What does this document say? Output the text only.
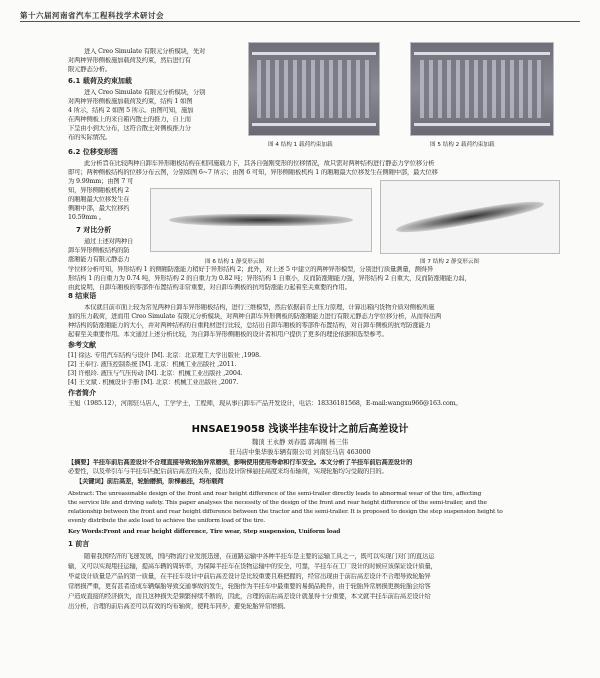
第十六届河南省汽车工程科技学术研讨会
进入 Creo Simulate 有限元分析模块，先对
对两种异形侧板施加载荷及约束，然后进行有
限元静态分析。
6.1 载荷及约束加载
进入 Creo Simulate 有限元分析模块，分别
对两种异形侧板施加载荷及约束，结构 1 如图
4 所示，结构 2 如图 5 所示。由图可知，施加
在两种侧板上的来自箱内散土的推力，自上而
下呈由小到大分布，这符合散土对侧板推力分
布的实际情况。
图 4 结构 1 载荷约束加载	图 5 结构 2 载荷约束加载
6.2 位移变形图
此分析旨在比较两种自卸车异形厢板结构在相同施载力下，其各自强刚变形的位移情况，故只需对两种结构进行静态力学位移分析
即可；两种侧板结构的位移分布云图，分别如图 6~7 所示；由图 6 可知，异形侧厢板机构 1 的厢厢最大位移发生在侧厢中部，最大位移
为 9.99mm；由图 7 可
知，异形侧厢板机构 2
的厢厢最大位移发生在
侧厢中部，最大位移约
10.59mm 。
7 对比分析
通过上述对两种自
卸车异形侧板结构的防
涨厢能力有限元静态力	图 6 结构 1 静变形云图	图 7 结构 2 静变形云图
学位移分析可知，异形结构 1 的侧厢防涨能力稍好于异形结构 2；此外，对上述 5 中建立的两种异形模型，分别进行质量测量，测得异
形结构 1 的自重力为 0.74 吨，异形结构 2 的自重力为 0.82 吨；异形结构 1 自重小，反而防涨厢能力强，异形结构 2 自重大，反而防涨厢能力弱，
由此说明，自卸车厢板的零部件布置结构非常重要，对自卸车侧板的抗弯防涨能力起着至关重要的作用。
8 结束语
本仅就目前市面上较为常见两种自卸车异形厢板结构，进行三维模型，然后依据前肯土压力原理，计算出箱内货物介质对侧板所施
加的压力载荷，进而用 Creo Simulate 有限元分析模块，对两种自卸车异形侧板的防涨厢能力进行有限元静态力学位移分析，从而得出两
种结构的防涨厢能力的大小，并对两种结构的自重耗材进行比较，总结出自卸车厢板的零部件布置结构，对自卸车侧板的抗弯防涨能力
起着至关重要作用。本文通过上述分析比较，为自卸车异形侧厢板的设计者和用户提供了更多的理论依据和选型参考。
参考文献
[1] 徐达. 专用汽车结构与设计 [M]. 北京：北京理工大学出版社 ,1998.
[2] 王奉行. 液压控制系统 [M]. 北京：机械工业出版社 ,2011.
[3] 许根玲. 液压与气压传动 [M]. 北京：机械工业出版社 ,2004.
[4] 王文斌 . 机械设计手册 [M]. 北京：机械工业出版社 ,2007.
作者简介
王旭（1985.12），河南驻马店人，工学学士，工程师，现从事自卸车产品开发设计，电话：18336181568，E-mail:wangxu966@163.com。
HNSAE19058 浅谈半挂车设计之前后高差设计
魏顶 王永静 刘春霞 郭海刚 杨三伟
驻马店中集华骏车辆有限公司 河南驻马店 463000
【摘要】半挂车前后高差设计不合理直接导致轮胎异常磨损，影响使用使用寿命和行车安全。本文分析了半挂车前后高差设计的
必要性，以及牵引车与半挂车匹配后前后高差的关系，提出设计阶梯悬挂高度来均布轴荷，实现轮胎均匀受载的目的。
【关键词】前后高差，轮胎磨损，阶梯悬挂，均布载荷
Abstract: The unreasonable design of the front and rear height difference of the semi-trailer directly leads to abnormal wear of the tire, affecting
the service life and driving safety. This paper analyses the necessity of the design of the front and rear height difference of the semi-trailer, and the
relationship between the front and rear height difference between the tractor and the semi-trailer. It is proposed to design the step suspension height to
evenly distribute the axle load to achieve the uniform load of the tire.
Key Words:Front and rear height difference, Tire wear, Step suspension, Uniform load
1 前言
随着我国经济的飞速发展，国内物流行业发展迅速，在道路运输中各种半挂车是主要的运输工具之一，既可以实现门对门的直达运
输，又可以实现甩挂运输，提高车辆的周转率，为保障半挂车在货物运输中的安全，可靠，半挂车在工厂设计的时候应该保证设计质量，
毕竟设计质量是产品的第一质量，在半挂车设计中前后高差设计是比较重要且难把握的，经常出现由于前后高差设计不合理导致轮胎异
常磨损严重，更有甚者造成车辆爆胎导致交通事故的发生，轮胎作为半挂车中最重要的易损品耗件，由于轮胎异常磨损更换轮胎会给客
户造成直接的经济损失，而且这种损失是频繁持续不断的，因此，合理的前后高差设计就显得十分重要，本文就半挂车前后高差设计给
出分析，合理的前后高差可以有效的均布轴荷，使耗车同步，避免轮胎异常磨损。
